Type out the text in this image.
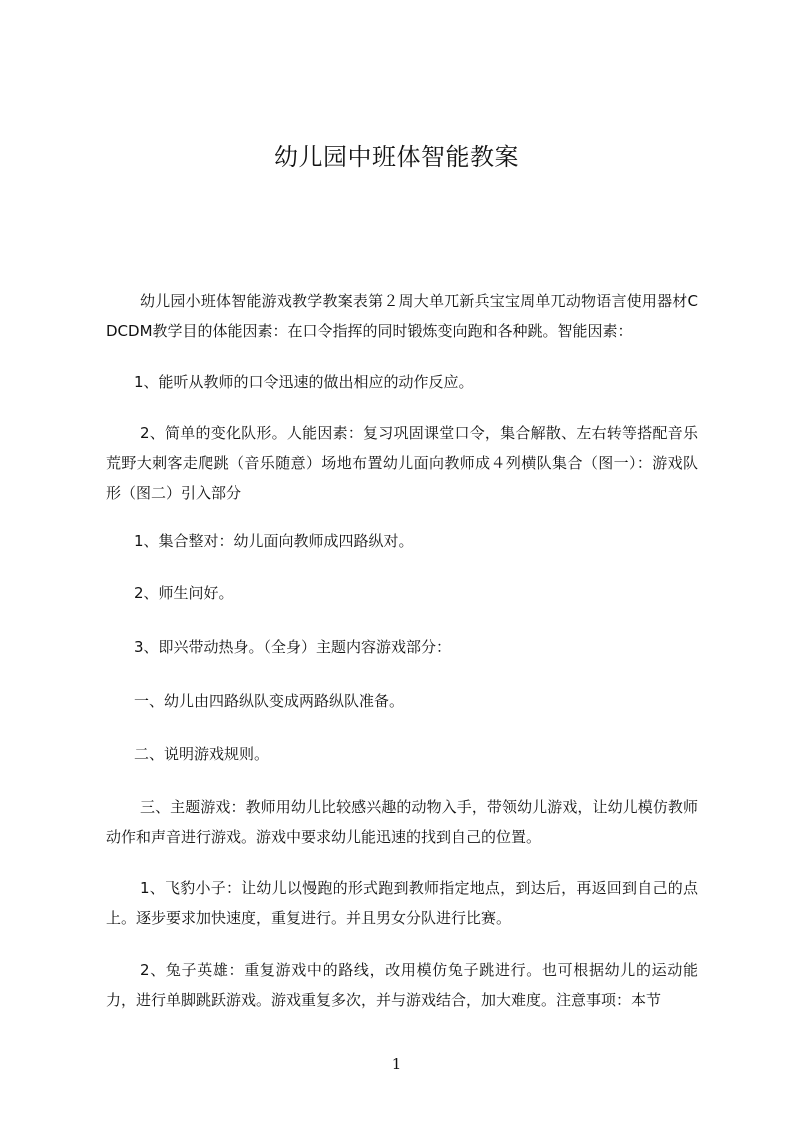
幼儿园中班体智能教案

幼儿园小班体智能游戏教学教案表第２周大单兀新兵宝宝周单兀动物语言使用器材CDCDM教学目的体能因素：在口令指挥的同时锻炼变向跑和各种跳。智能因素：

1、能听从教师的口令迅速的做出相应的动作反应。

2、简单的变化队形。人能因素：复习巩固课堂口令，集合解散、左右转等搭配音乐荒野大刺客走爬跳（音乐随意）场地布置幼儿面向教师成４列横队集合（图一）：游戏队形（图二）引入部分

1、集合整对：幼儿面向教师成四路纵对。

2、师生问好。

3、即兴带动热身。（全身）主题内容游戏部分：

一、幼儿由四路纵队变成两路纵队准备。

二、说明游戏规则。

三、主题游戏：教师用幼儿比较感兴趣的动物入手，带领幼儿游戏，让幼儿模仿教师动作和声音进行游戏。游戏中要求幼儿能迅速的找到自己的位置。

1、飞豹小子：让幼儿以慢跑的形式跑到教师指定地点，到达后，再返回到自己的点上。逐步要求加快速度，重复进行。并且男女分队进行比赛。

2、兔子英雄：重复游戏中的路线，改用模仿兔子跳进行。也可根据幼儿的运动能力，进行单脚跳跃游戏。游戏重复多次，并与游戏结合，加大难度。注意事项：本节

1
